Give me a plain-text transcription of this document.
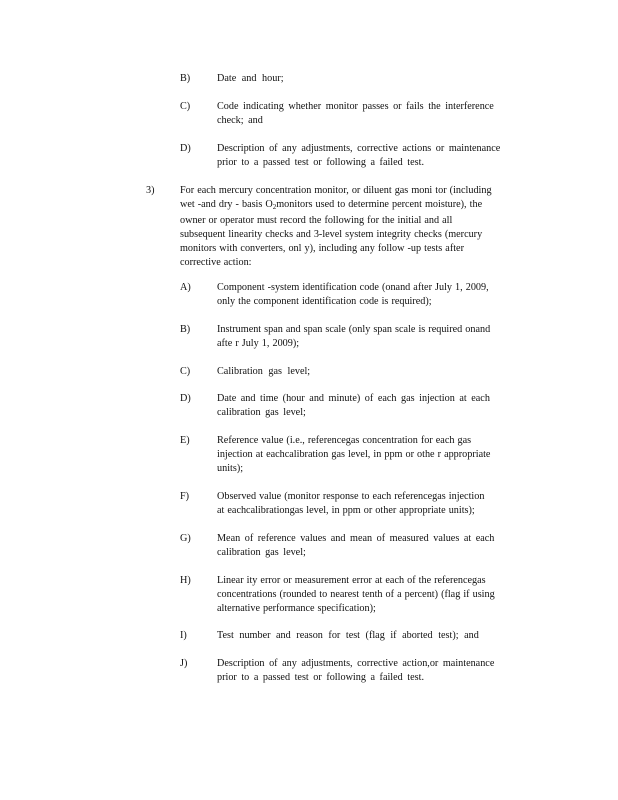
B)	Date and hour;
C)	Code indicating whether monitor passes or fails the interference
check; and
D)	Description of any adjustments, corrective actions or maintenance
prior to a passed test or following a failed test.
3)	For each mercury concentration monitor, or diluent gas moni tor (including
wet -and dry - basis $O_2monitors$ used to determine percent moisture), the
owner or operator must record the following for the initial and all
subsequent linearity checks and 3-level system integrity checks (mercury
monitors with converters, onl y), including any follow -up tests after
corrective action:
A)	Component -system identification code (onand after July 1, 2009,
only the component identification code is required);
B)	Instrument span and span scale (only span scale is required onand
afte r July 1, 2009);
C)	Calibration gas level;
D)	Date and time (hour and minute) of each gas injection at each
calibration gas level;
E)	Reference value (i.e., referencegas concentration for each gas
injection at eachcalibration gas level, in ppm or othe r appropriate
units);
F)	Observed value (monitor response to each referencegas injection
at eachcalibrationgas level, in ppm or other appropriate units);
G)	Mean of reference values and mean of measured values at each
calibration gas level;
H)	Linear ity error or measurement error at each of the referencegas
concentrations (rounded to nearest tenth of a percent) (flag if using
alternative performance specification);
I)	Test number and reason for test (flag if aborted test); and
J)	Description of any adjustments, corrective action,or maintenance
prior to a passed test or following a failed test.
